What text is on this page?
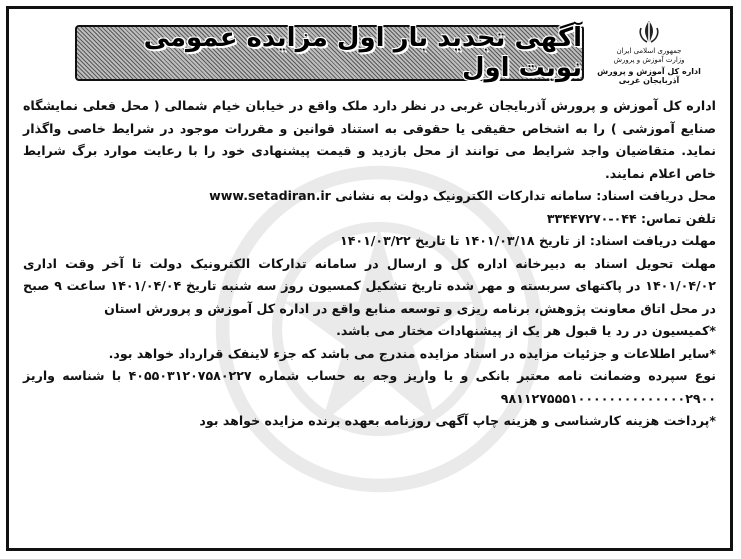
آگهی تجدید بار اول مزایده عمومی نوبت اول
جمهوری اسلامی ایران
وزارت آموزش و پرورش
اداره کل آموزش و پرورش آذربایجان غربی

اداره کل آموزش و پرورش آذربایجان غربی در نظر دارد ملک واقع در خیابان خیام شمالی ( محل فعلی نمایشگاه صنایع آموزشی ) را به اشخاص حقیقی یا حقوقی به استناد قوانین و مقررات موجود در شرایط خاصی واگذار نماید. متقاضیان واجد شرایط می توانند از محل بازدید و قیمت پیشنهادی خود را با رعایت موارد برگ شرایط خاص اعلام نمایند.

محل دریافت اسناد: سامانه تدارکات الکترونیک دولت به نشانی www.setadiran.ir

تلفن تماس: ۰۴۴-۳۳۴۴۷۲۷۰

مهلت دریافت اسناد: از تاریخ ۱۴۰۱/۰۳/۱۸ تا تاریخ ۱۴۰۱/۰۳/۲۲

مهلت تحویل اسناد به دبیرخانه اداره کل و ارسال در سامانه تدارکات الکترونیک دولت تا آخر وقت اداری ۱۴۰۱/۰۴/۰۲ در پاکتهای سربسته و مهر شده تاریخ تشکیل کمسیون روز سه شنبه تاریخ ۱۴۰۱/۰۴/۰۴ ساعت ۹ صبح در محل اتاق معاونت پژوهش، برنامه ریزی و توسعه منابع واقع در اداره کل آموزش و پرورش استان

*کمیسیون در رد یا قبول هر یک از پیشنهادات مختار می باشد.

*سایر اطلاعات و جزئیات مزایده در اسناد مزایده مندرج می باشد که جزء لاینفک قرارداد خواهد بود.

نوع سپرده وضمانت نامه معتبر بانکی و یا واریز وجه به حساب شماره ۴۰۵۵۰۳۱۲۰۷۵۸۰۲۲۷ با شناسه واریز ۹۸۱۱۲۷۵۵۵۱۰۰۰۰۰۰۰۰۰۰۰۰۰۰۲۹۰۰

*پرداخت هزینه کارشناسی و هزینه چاپ آگهی روزنامه بعهده برنده مزایده خواهد بود
